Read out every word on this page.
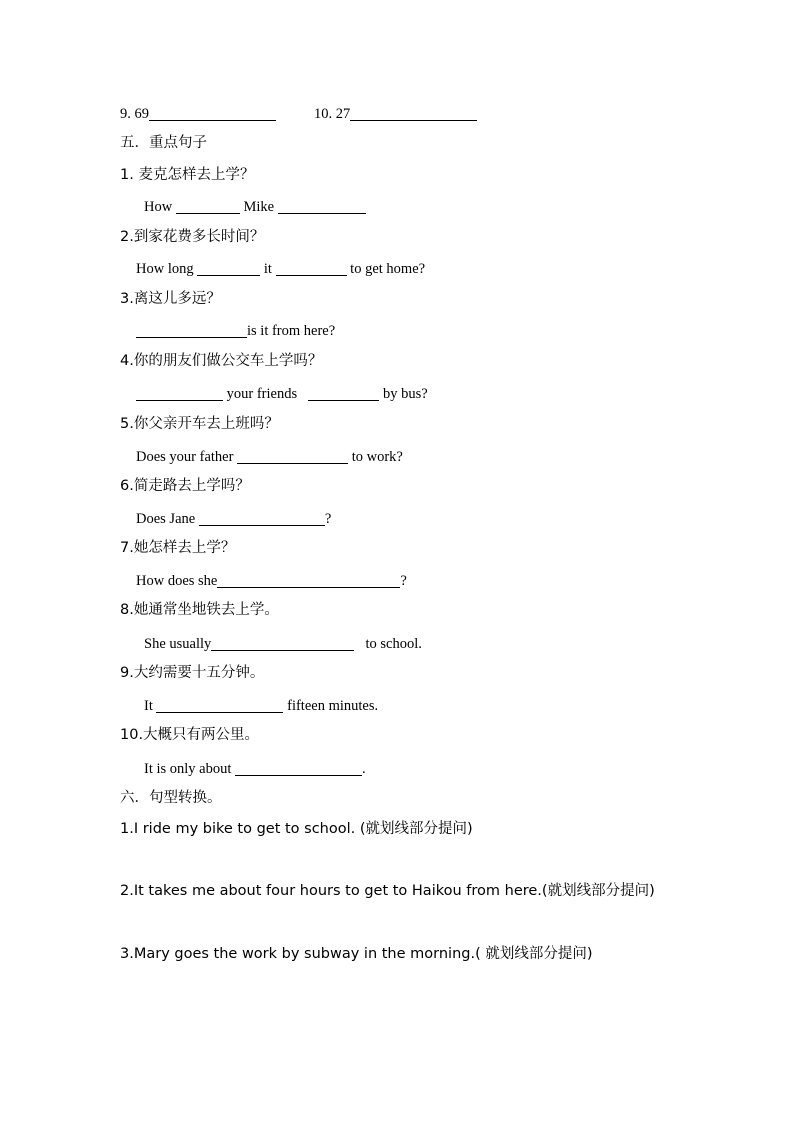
9. 69	10. 27
五．重点句子
1. 麦克怎样去上学？
How	Mike
2.到家花费多长时间？
How long	it	to get home?
3.离这儿多远？
is it from here?
4.你的朋友们做公交车上学吗？
your friends	by bus?
5.你父亲开车去上班吗？
Does your father	to work?
6.简走路去上学吗？
Does Jane	?
7.她怎样去上学？
How does she	?
8.她通常坐地铁去上学。
She usually	to school.
9.大约需要十五分钟。
It	fifteen minutes.
10.大概只有两公里。
It is only about	.
六．句型转换。
1.I ride my bike to get to school. (就划线部分提问)
2.It takes me about four hours to get to Haikou from here.(就划线部分提问)
3.Mary goes the work by subway in the morning.( 就划线部分提问)
